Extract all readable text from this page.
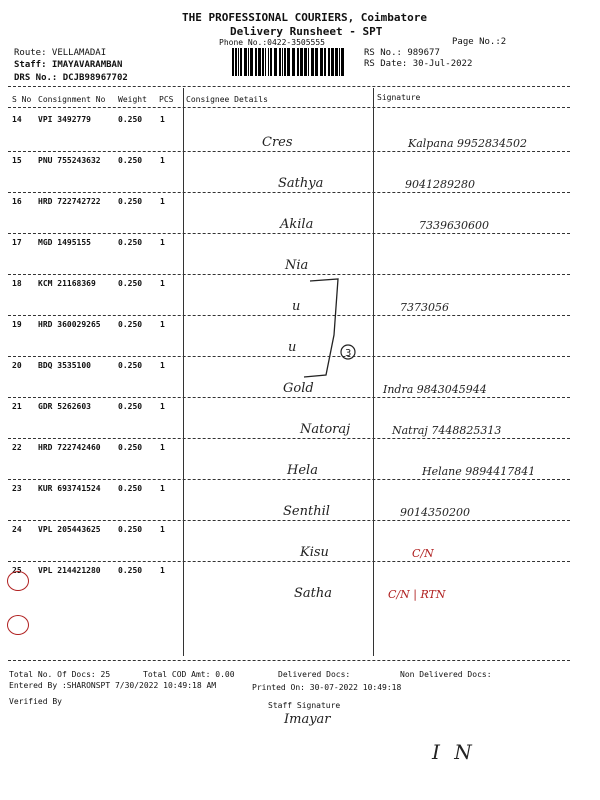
THE PROFESSIONAL COURIERS, Coimbatore
Delivery Runsheet - SPT
Phone No.:0422-3505555	Page No.:2
Route: VELLAMADAI
Staff: IMAYAVARAMBAN
DRS No.: DCJB98967702
RS No.: 989677
RS Date: 30-Jul-2022
S No Consignment No Weight PCS Consignee Details	Signature
14 VPI 3492779	0.250 1
Cres	Kalpana 9952834502
15 PNU 755243632 0.250 1
Sathya	9041289280
16 HRD 722742722 0.250 1
Akila	7339630600
17 MGD 1495155	0.250 1
Nia
18 KCM 21168369	0.250 1
u	7373056
19 HRD 360029265 0.250 1
u
20 BDQ 3535100	0.250 1
Gold	Indra 9843045944
21 GDR 5262603	0.250 1
Natoraj	Natraj 7448825313
22 HRD 722742460 0.250 1
Hela	Helane 9894417841
23 KUR 693741524 0.250 1
Senthil	9014350200
24 VPL 205443625 0.250 1
Kisu	C/N
25 VPL 214421280 0.250 1
Satha	C/N | RTN
3
Total No. Of Docs: 25	Total COD Amt: 0.00	Delivered Docs:	Non Delivered Docs:
Entered By :SHARONSPT 7/30/2022 10:49:18 AM	Printed On: 30-07-2022 10:49:18
Verified By	Staff Signature
Imayar
I N
